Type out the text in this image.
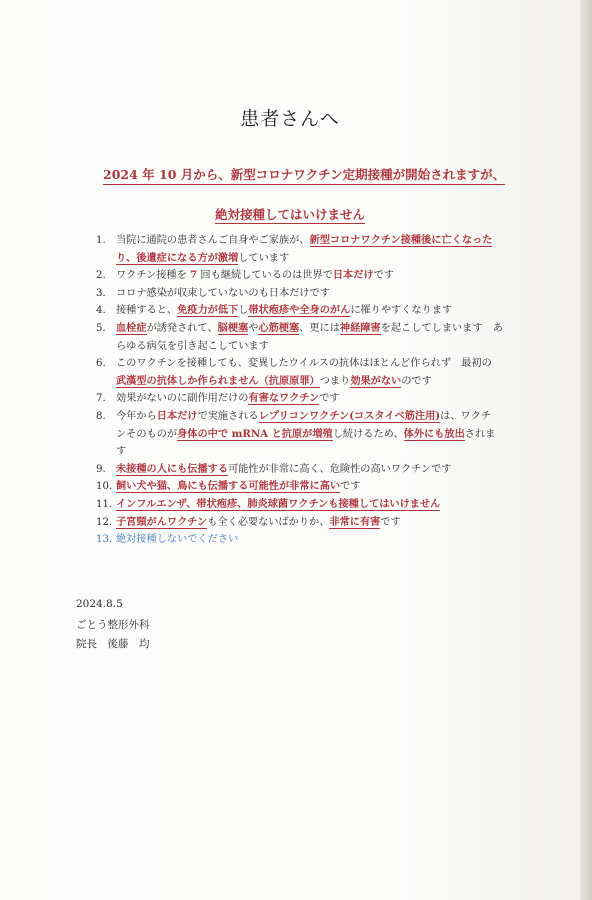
患者さんへ
2024 年 10 月から、新型コロナワクチン定期接種が開始されますが、
絶対接種してはいけません
1. 当院に通院の患者さんご自身やご家族が、新型コロナワクチン接種後に亡くなった
り、後遺症になる方が激増しています
2. ワクチン接種を 7 回も継続しているのは世界で日本だけです
3. コロナ感染が収束していないのも日本だけです
4. 接種すると、免疫力が低下し帯状疱疹や全身のがんに罹りやすくなります
5. 血栓症が誘発されて、脳梗塞や心筋梗塞、更には神経障害を起こしてしまいます　あ
らゆる病気を引き起こしています
6. このワクチンを接種しても、変異したウイルスの抗体はほとんど作られず　最初の
武漢型の抗体しか作られません（抗原原罪）つまり効果がないのです
7. 効果がないのに副作用だけの有害なワクチンです
8. 今年から日本だけで実施されるレプリコンワクチン(コスタイベ筋注用)は、ワクチ
ンそのものが身体の中で mRNA と抗原が増殖し続けるため、体外にも放出されま
す
9. 未接種の人にも伝播する可能性が非常に高く、危険性の高いワクチンです
10. 飼い犬や猫、鳥にも伝播する可能性が非常に高いです
11. インフルエンザ、帯状疱疹、肺炎球菌ワクチンも接種してはいけません
12. 子宮頸がんワクチンも全く必要ないばかりか、非常に有害です
13. 絶対接種しないでください
2024.8.5
ごとう整形外科
院長　後藤　均
